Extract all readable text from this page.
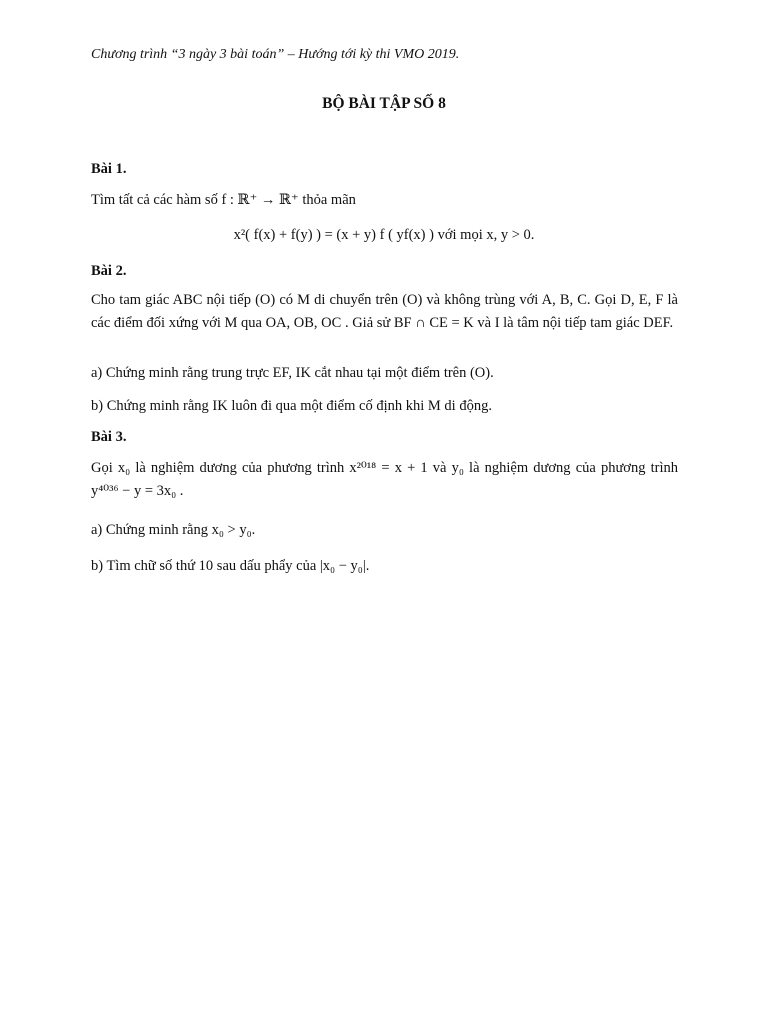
Chương trình “3 ngày 3 bài toán” – Hướng tới kỳ thi VMO 2019.
BỘ BÀI TẬP SỐ 8
Bài 1.
Tìm tất cả các hàm số f : ℝ⁺ → ℝ⁺ thỏa mãn
x²( f(x) + f(y) ) = (x + y) f ( yf(x) ) với mọi x, y > 0.
Bài 2.
Cho tam giác ABC nội tiếp (O) có M di chuyển trên (O) và không trùng với A, B, C. Gọi D, E, F là các điểm đối xứng với M qua OA, OB, OC . Giả sử BF ∩ CE = K và I là tâm nội tiếp tam giác DEF.
a) Chứng minh rằng trung trực EF, IK cắt nhau tại một điểm trên (O).
b) Chứng minh rằng IK luôn đi qua một điểm cố định khi M di động.
Bài 3.
Gọi x₀ là nghiệm dương của phương trình x²⁰¹⁸ = x + 1 và y₀ là nghiệm dương của phương trình y⁴⁰³⁶ − y = 3x₀ .
a) Chứng minh rằng x₀ > y₀.
b) Tìm chữ số thứ 10 sau dấu phẩy của |x₀ − y₀|.
